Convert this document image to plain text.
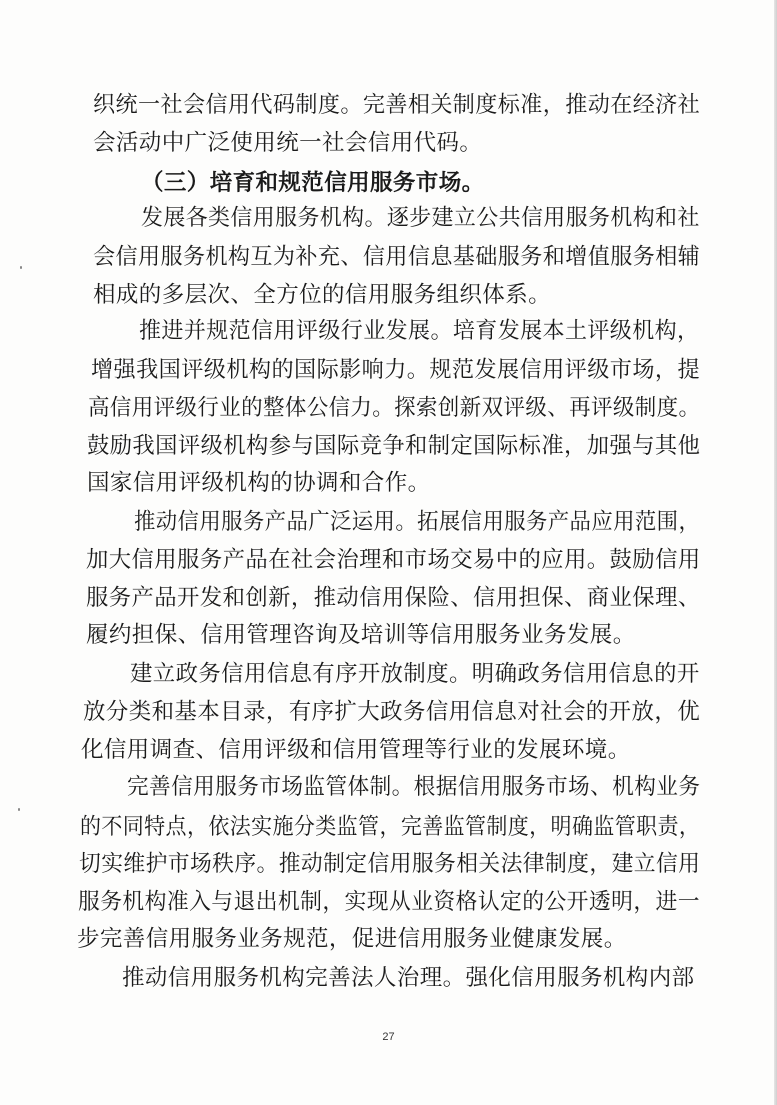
织统一社会信用代码制度。完善相关制度标准，推动在经济社
会活动中广泛使用统一社会信用代码。
（三）培育和规范信用服务市场。
发展各类信用服务机构。逐步建立公共信用服务机构和社
会信用服务机构互为补充、信用信息基础服务和增值服务相辅
相成的多层次、全方位的信用服务组织体系。
推进并规范信用评级行业发展。培育发展本土评级机构，
增强我国评级机构的国际影响力。规范发展信用评级市场，提
高信用评级行业的整体公信力。探索创新双评级、再评级制度。
鼓励我国评级机构参与国际竞争和制定国际标准，加强与其他
国家信用评级机构的协调和合作。
推动信用服务产品广泛运用。拓展信用服务产品应用范围，
加大信用服务产品在社会治理和市场交易中的应用。鼓励信用
服务产品开发和创新，推动信用保险、信用担保、商业保理、
履约担保、信用管理咨询及培训等信用服务业务发展。
建立政务信用信息有序开放制度。明确政务信用信息的开
放分类和基本目录，有序扩大政务信用信息对社会的开放，优
化信用调查、信用评级和信用管理等行业的发展环境。
完善信用服务市场监管体制。根据信用服务市场、机构业务
的不同特点，依法实施分类监管，完善监管制度，明确监管职责，
切实维护市场秩序。推动制定信用服务相关法律制度，建立信用
服务机构准入与退出机制，实现从业资格认定的公开透明，进一
步完善信用服务业务规范，促进信用服务业健康发展。
推动信用服务机构完善法人治理。强化信用服务机构内部
27
